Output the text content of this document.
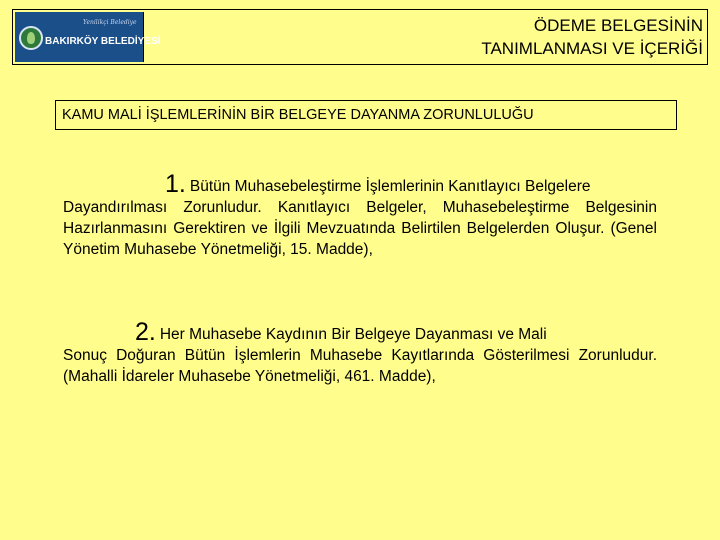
Yenilikçi Belediye
BAKIRKÖY BELEDİYESİ
ÖDEME BELGESİNİN
TANIMLANMASI VE İÇERİĞİ
KAMU MALİ İŞLEMLERİNİN BİR BELGEYE DAYANMA ZORUNLULUĞU
1. Bütün Muhasebeleştirme İşlemlerinin Kanıtlayıcı Belgelere
Dayandırılması Zorunludur. Kanıtlayıcı Belgeler, Muhasebeleştirme Belgesinin Hazırlanmasını Gerektiren ve İlgili Mevzuatında Belirtilen Belgelerden Oluşur. (Genel Yönetim Muhasebe Yönetmeliği, 15. Madde),
2. Her Muhasebe Kaydının Bir Belgeye Dayanması ve Mali
Sonuç Doğuran Bütün İşlemlerin Muhasebe Kayıtlarında Gösterilmesi Zorunludur. (Mahalli İdareler Muhasebe Yönetmeliği, 461. Madde),
